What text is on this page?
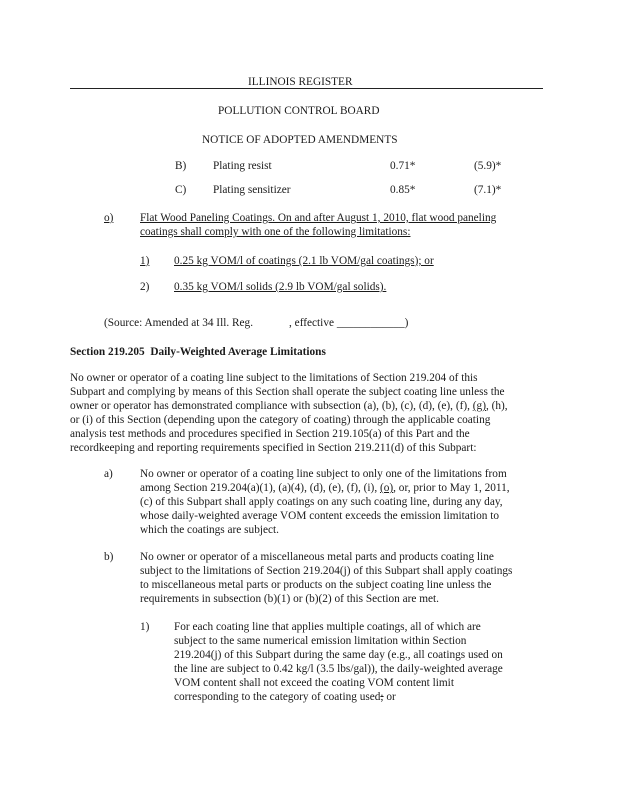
ILLINOIS REGISTER
POLLUTION CONTROL BOARD
NOTICE OF ADOPTED AMENDMENTS
B) Plating resist	0.71*	(5.9)*
C) Plating sensitizer	0.85*	(7.1)*
o) Flat Wood Paneling Coatings. On and after August 1, 2010, flat wood paneling
coatings shall comply with one of the following limitations:
1) 0.25 kg VOM/l of coatings (2.1 lb VOM/gal coatings); or
2) 0.35 kg VOM/l solids (2.9 lb VOM/gal solids).
(Source: Amended at 34 Ill. Reg.	, effective ____________)
Section 219.205 Daily-Weighted Average Limitations
No owner or operator of a coating line subject to the limitations of Section 219.204 of this
Subpart and complying by means of this Section shall operate the subject coating line unless the
owner or operator has demonstrated compliance with subsection (a), (b), (c), (d), (e), (f), (g), (h),
or (i) of this Section (depending upon the category of coating) through the applicable coating
analysis test methods and procedures specified in Section 219.105(a) of this Part and the
recordkeeping and reporting requirements specified in Section 219.211(d) of this Subpart:
a) No owner or operator of a coating line subject to only one of the limitations from
among Section 219.204(a)(1), (a)(4), (d), (e), (f), (i), (o), or, prior to May 1, 2011,
(c) of this Subpart shall apply coatings on any such coating line, during any day,
whose daily-weighted average VOM content exceeds the emission limitation to
which the coatings are subject.
b) No owner or operator of a miscellaneous metal parts and products coating line
subject to the limitations of Section 219.204(j) of this Subpart shall apply coatings
to miscellaneous metal parts or products on the subject coating line unless the
requirements in subsection (b)(1) or (b)(2) of this Section are met.
1) For each coating line that applies multiple coatings, all of which are
subject to the same numerical emission limitation within Section
219.204(j) of this Subpart during the same day (e.g., all coatings used on
the line are subject to 0.42 kg/l (3.5 lbs/gal)), the daily-weighted average
VOM content shall not exceed the coating VOM content limit
corresponding to the category of coating used; or
